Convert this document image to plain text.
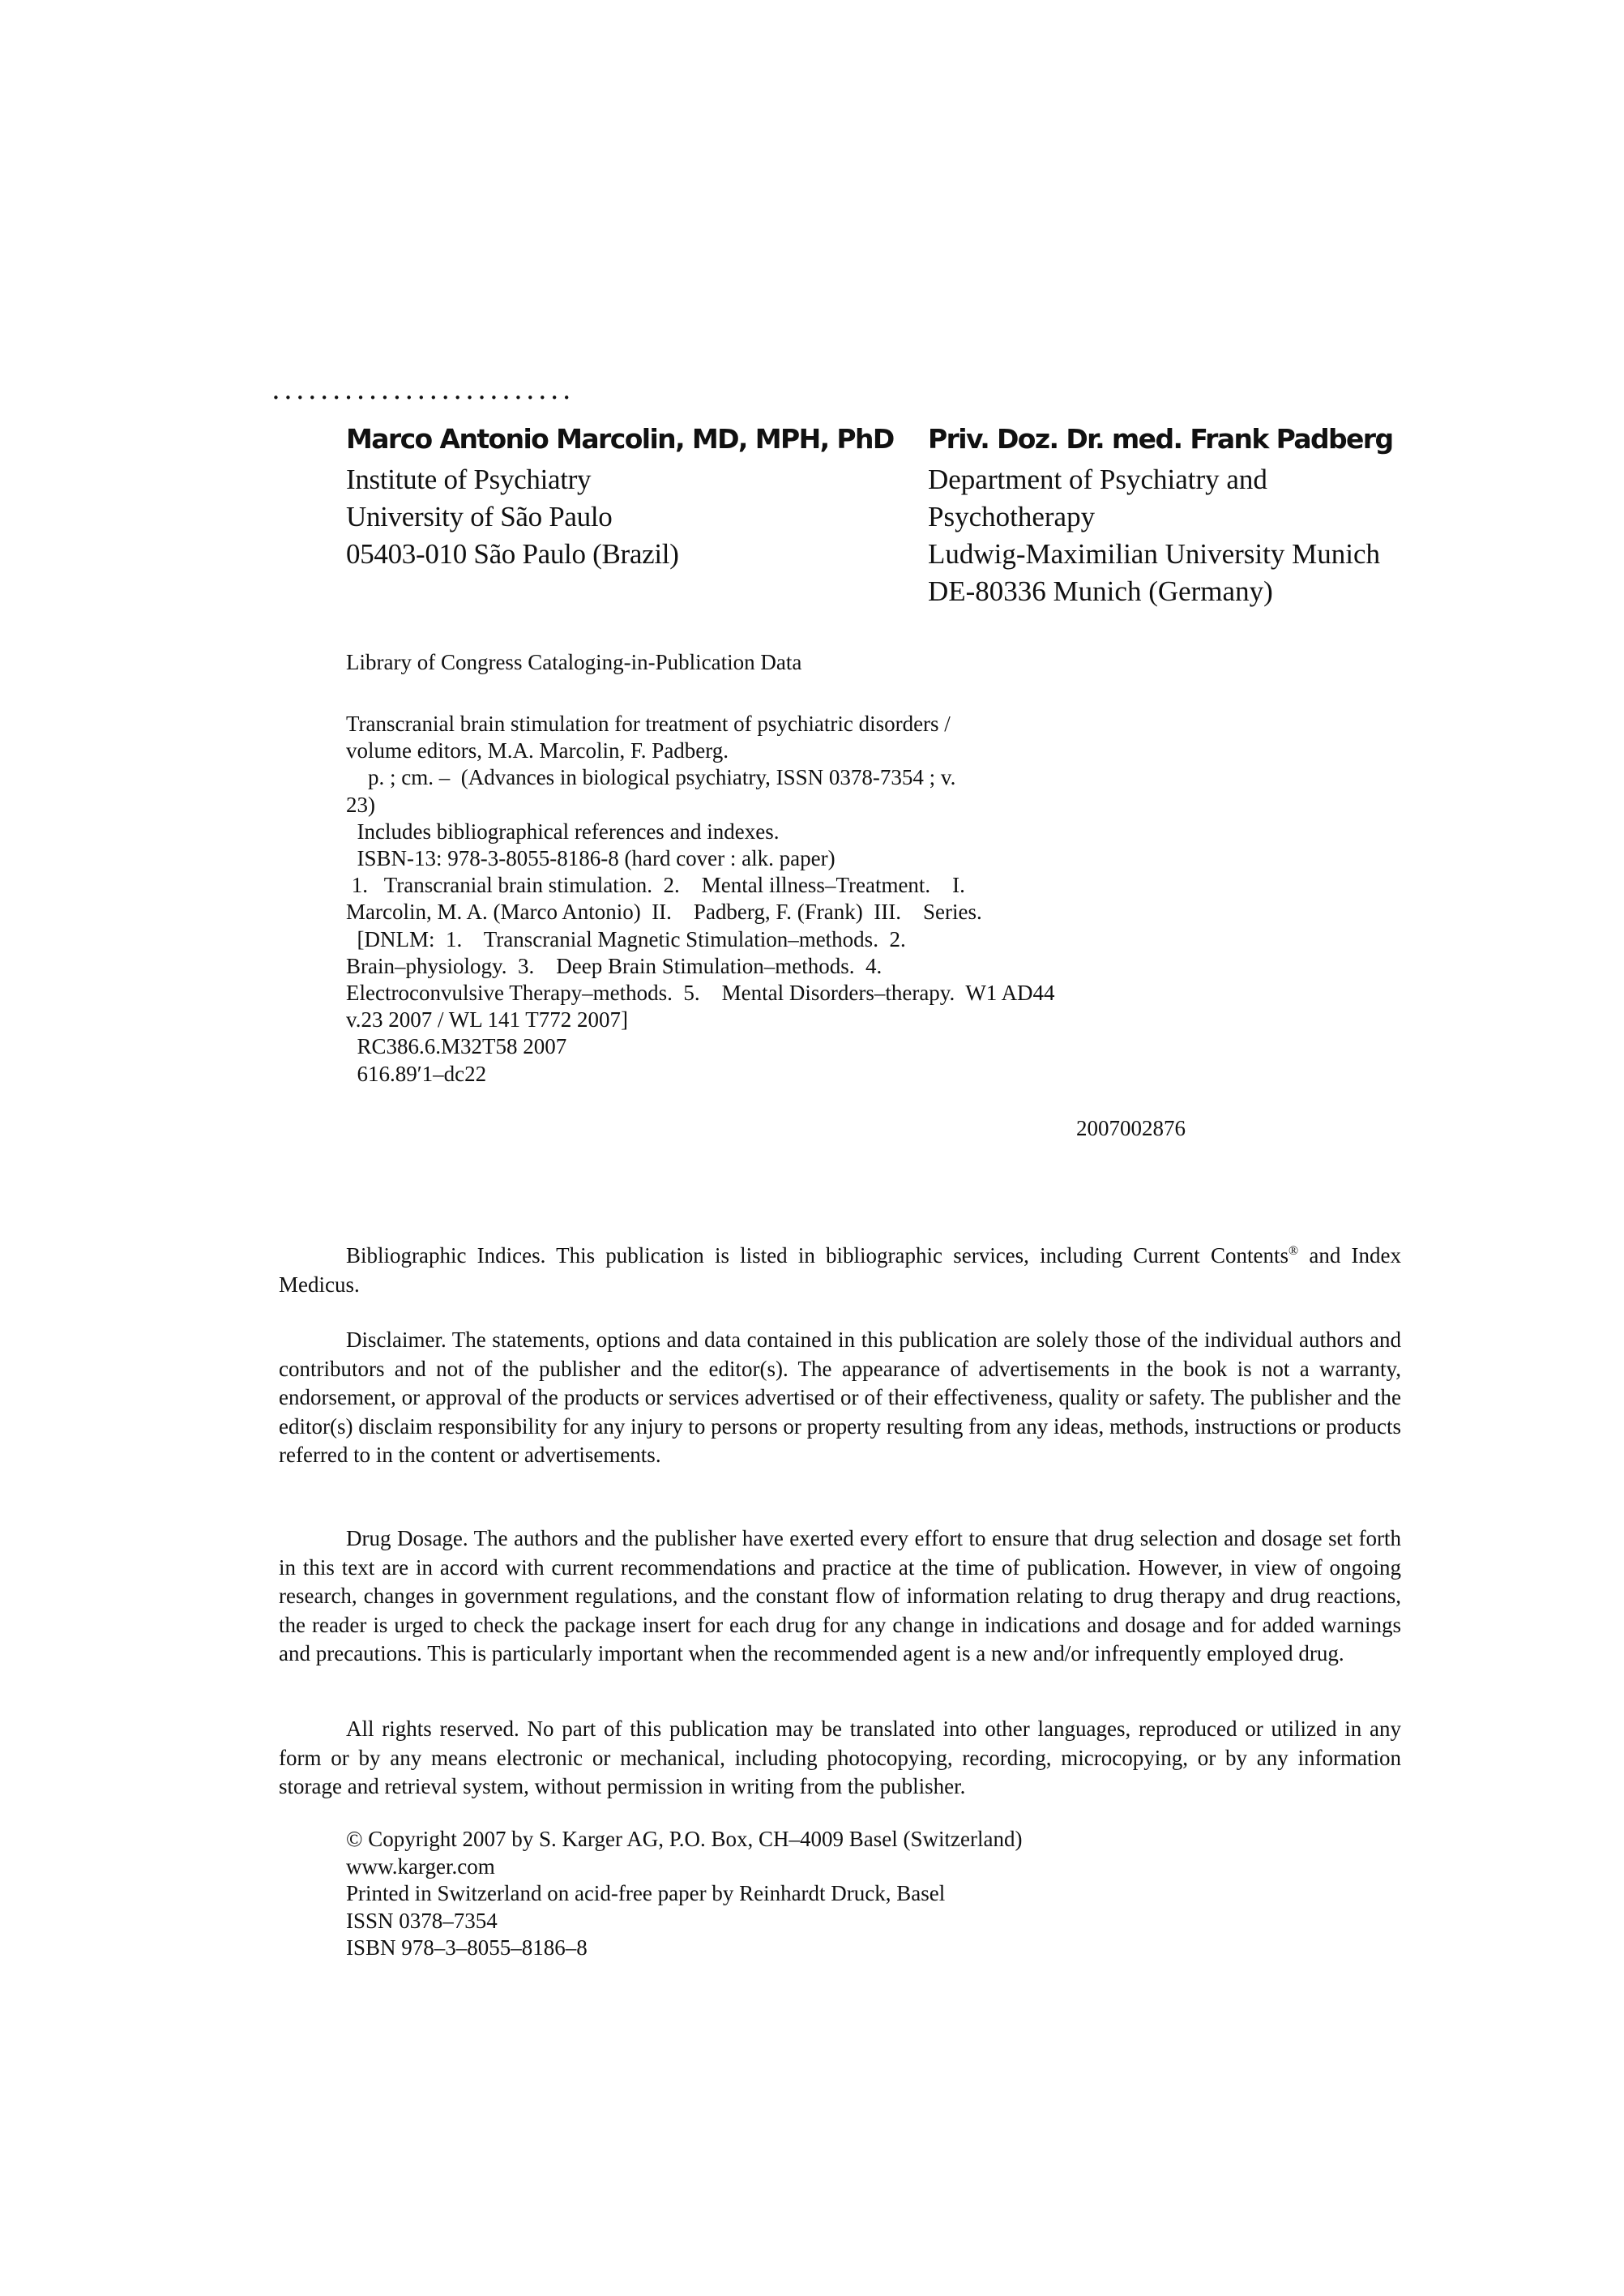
•••••••••••••••••••••••••
Marco Antonio Marcolin, MD, MPH, PhD
Institute of Psychiatry
University of São Paulo
05403-010 São Paulo (Brazil)
Priv. Doz. Dr. med. Frank Padberg
Department of Psychiatry and
Psychotherapy
Ludwig-Maximilian University Munich
DE-80336 Munich (Germany)
Library of Congress Cataloging-in-Publication Data
Transcranial brain stimulation for treatment of psychiatric disorders /
volume editors, M.A. Marcolin, F. Padberg.
p. ; cm. –  (Advances in biological psychiatry, ISSN 0378-7354 ; v.
23)
Includes bibliographical references and indexes.
ISBN-13: 978-3-8055-8186-8 (hard cover : alk. paper)
1.   Transcranial brain stimulation.  2.    Mental illness–Treatment.    I.
Marcolin, M. A. (Marco Antonio)  II.    Padberg, F. (Frank)  III.    Series.
[DNLM:  1.    Transcranial Magnetic Stimulation–methods.  2.
Brain–physiology.  3.    Deep Brain Stimulation–methods.  4.
Electroconvulsive Therapy–methods.  5.    Mental Disorders–therapy.  W1 AD44
v.23 2007 / WL 141 T772 2007]
RC386.6.M32T58 2007
616.89′1–dc22
2007002876

Bibliographic Indices. This publication is listed in bibliographic services, including Current Contents® and Index Medicus.

Disclaimer. The statements, options and data contained in this publication are solely those of the individual authors and contributors and not of the publisher and the editor(s). The appearance of advertisements in the book is not a warranty, endorsement, or approval of the products or services advertised or of their effectiveness, quality or safety. The publisher and the editor(s) disclaim responsibility for any injury to persons or property resulting from any ideas, methods, instructions or products referred to in the content or advertisements.

Drug Dosage. The authors and the publisher have exerted every effort to ensure that drug selection and dosage set forth in this text are in accord with current recommendations and practice at the time of publication. However, in view of ongoing research, changes in government regulations, and the constant flow of information relating to drug therapy and drug reactions, the reader is urged to check the package insert for each drug for any change in indications and dosage and for added warnings and precautions. This is particularly important when the recommended agent is a new and/or infrequently employed drug.

All rights reserved. No part of this publication may be translated into other languages, reproduced or utilized in any form or by any means electronic or mechanical, including photocopying, recording, microcopying, or by any information storage and retrieval system, without permission in writing from the publisher.

© Copyright 2007 by S. Karger AG, P.O. Box, CH–4009 Basel (Switzerland)
www.karger.com
Printed in Switzerland on acid-free paper by Reinhardt Druck, Basel
ISSN 0378–7354
ISBN 978–3–8055–8186–8
